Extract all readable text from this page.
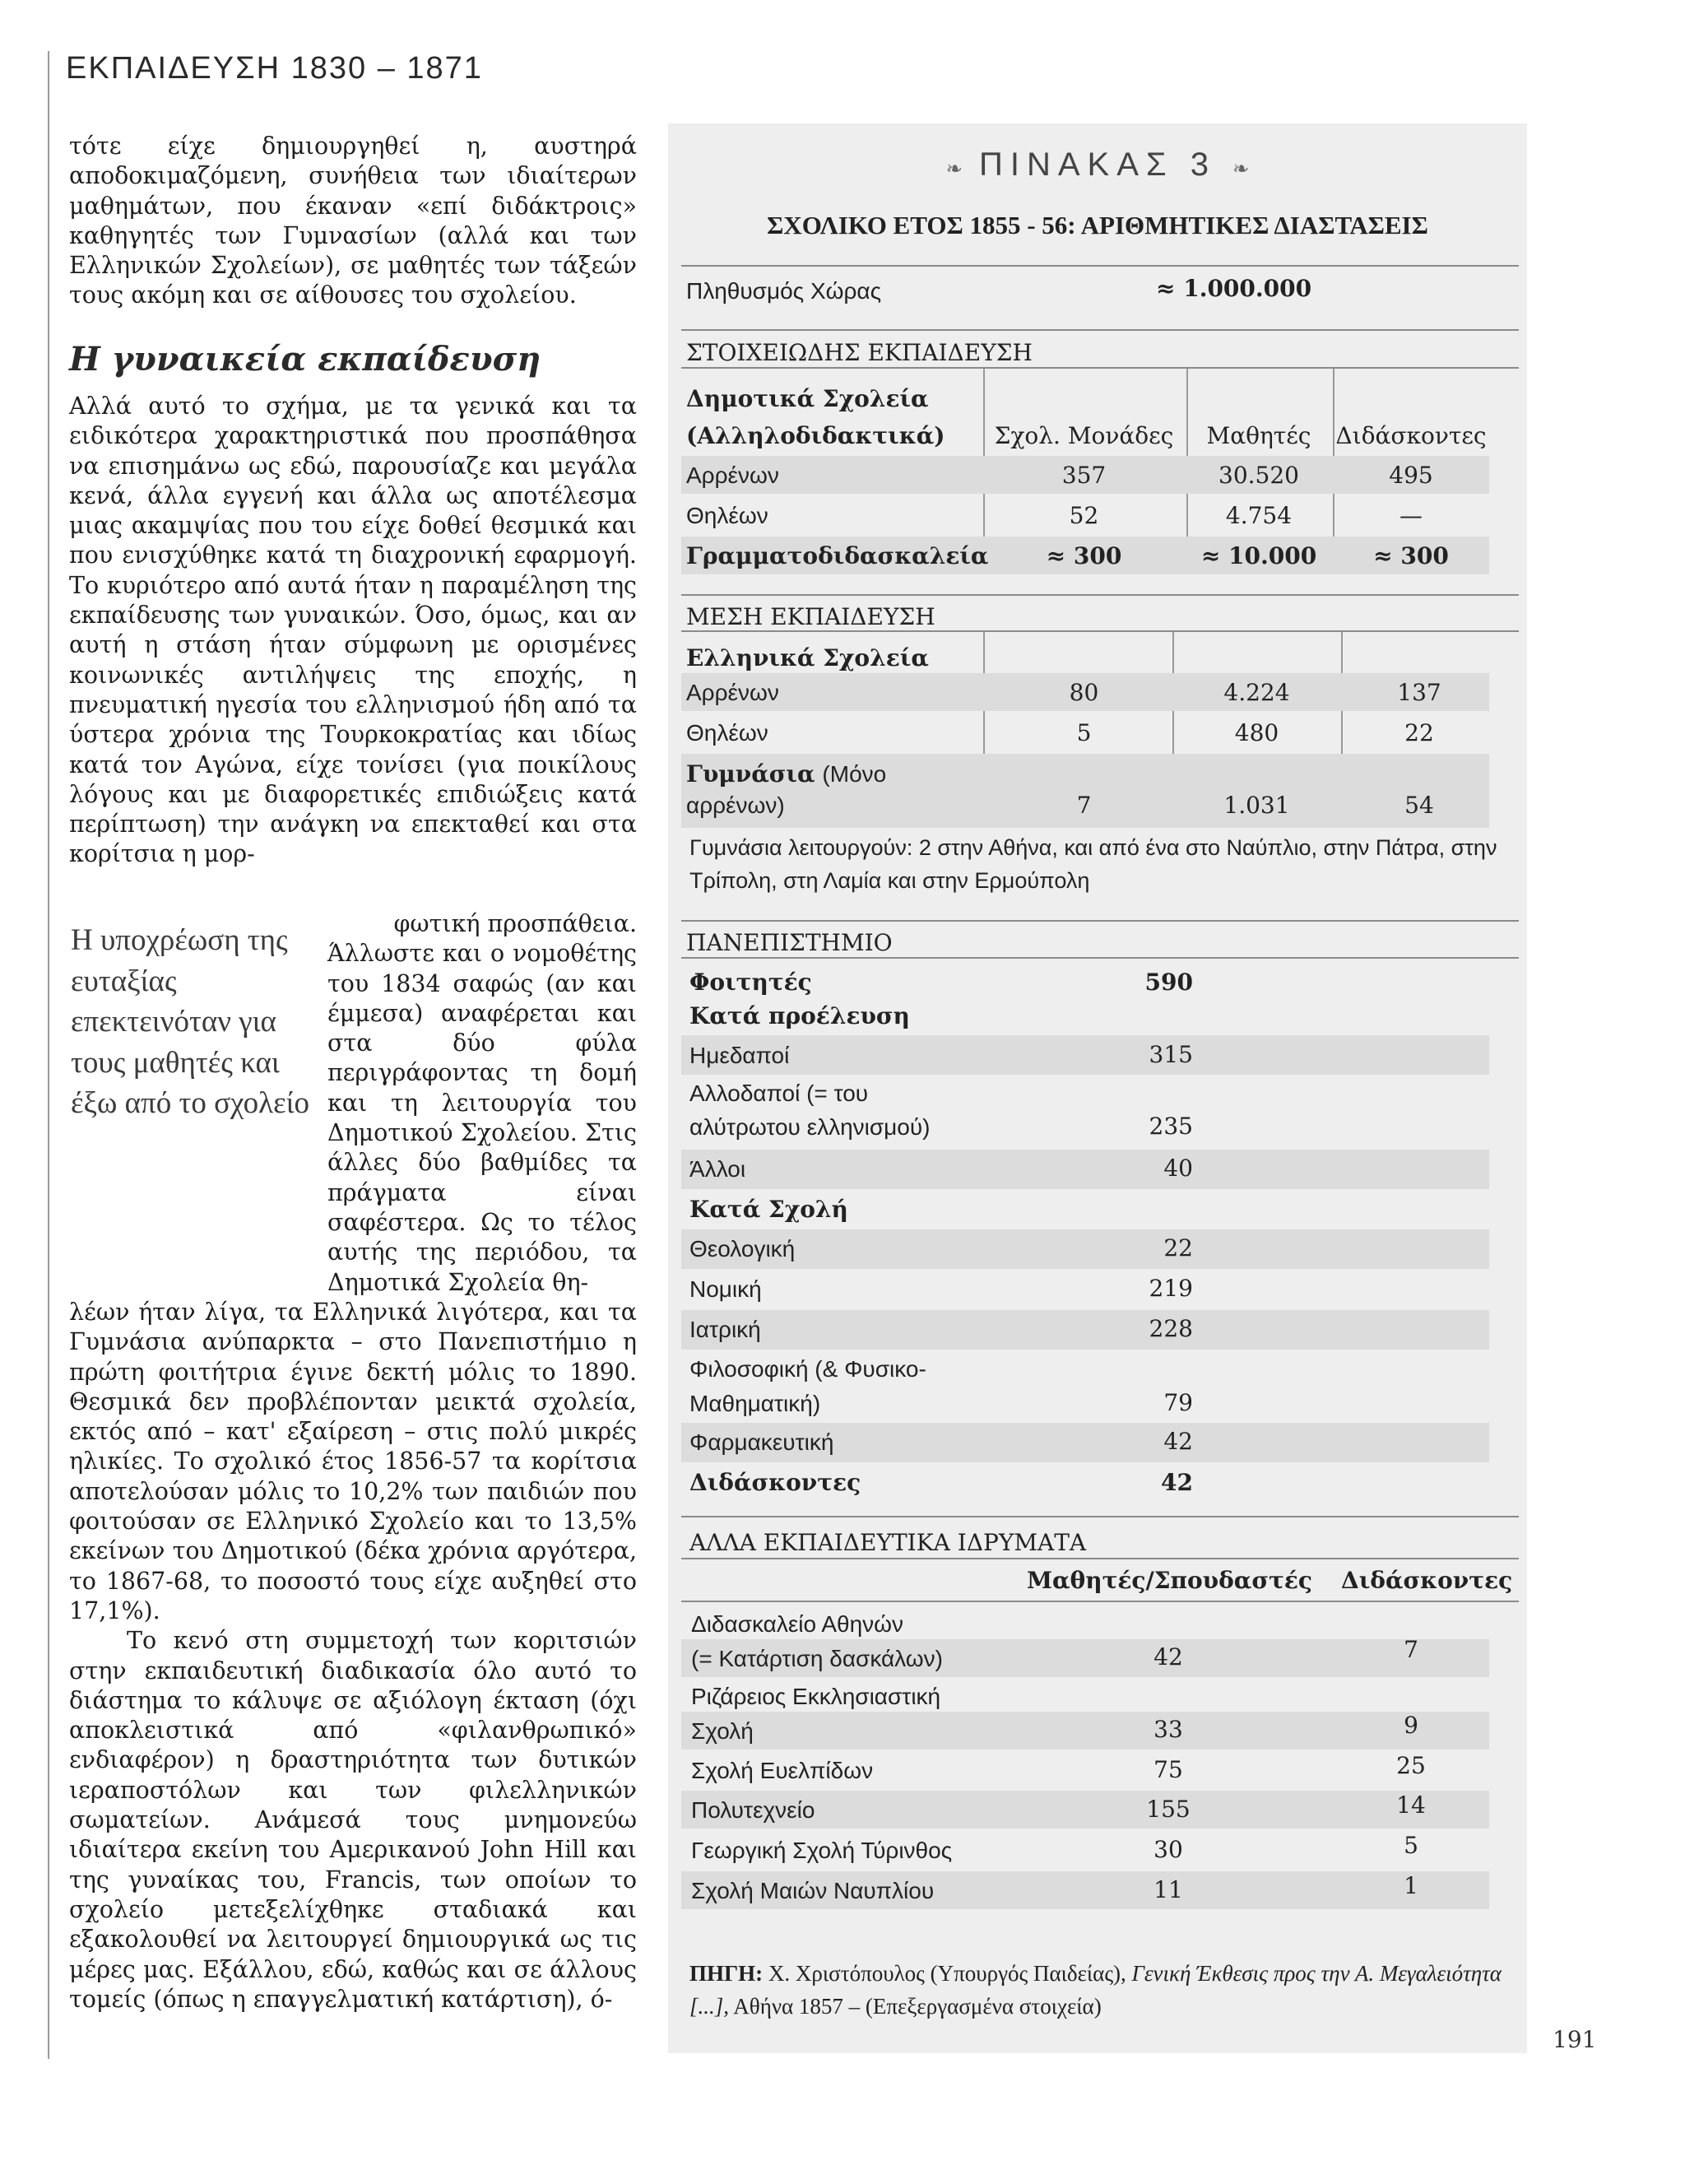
ΕΚΠΑΙΔΕΥΣΗ 1830 – 1871

τότε είχε δημιουργηθεί η, αυστηρά αποδοκιμαζόμενη, συνήθεια των ιδιαίτερων μαθημάτων, που έκαναν «επί διδάκτροις» καθηγητές των Γυμνασίων (αλλά και των Ελληνικών Σχολείων), σε μαθητές των τάξεών τους ακόμη και σε αίθουσες του σχολείου.

Η γυναικεία εκπαίδευση

Αλλά αυτό το σχήμα, με τα γενικά και τα ειδικότερα χαρακτηριστικά που προσπάθησα να επισημάνω ως εδώ, παρουσίαζε και μεγάλα κενά, άλλα εγγενή και άλλα ως αποτέλεσμα μιας ακαμψίας που του είχε δοθεί θεσμικά και που ενισχύθηκε κατά τη διαχρονική εφαρμογή. Το κυριότερο από αυτά ήταν η παραμέληση της εκπαίδευσης των γυναικών. Όσο, όμως, και αν αυτή η στάση ήταν σύμφωνη με ορισμένες κοινωνικές αντιλήψεις της εποχής, η πνευματική ηγεσία του ελληνισμού ήδη από τα ύστερα χρόνια της Τουρκοκρατίας και ιδίως κατά τον Αγώνα, είχε τονίσει (για ποικίλους λόγους και με διαφορετικές επιδιώξεις κατά περίπτωση) την ανάγκη να επεκταθεί και στα κορίτσια η μορ-

Η υποχρέωση της ευταξίας επεκτεινόταν για τους μαθητές και έξω από το σχολείο

φωτική προσπάθεια.

Άλλωστε και ο νομοθέτης του 1834 σαφώς (αν και έμμεσα) αναφέρεται και στα δύο φύλα περιγράφοντας τη δομή και τη λειτουργία του Δημοτικού Σχολείου. Στις άλλες δύο βαθμίδες τα πράγματα είναι σαφέστερα. Ως το τέλος αυτής της περιόδου, τα Δημοτικά Σχολεία θη-

λέων ήταν λίγα, τα Ελληνικά λιγότερα, και τα Γυμνάσια ανύπαρκτα – στο Πανεπιστήμιο η πρώτη φοιτήτρια έγινε δεκτή μόλις το 1890. Θεσμικά δεν προβλέπονταν μεικτά σχολεία, εκτός από – κατ' εξαίρεση – στις πολύ μικρές ηλικίες. Το σχολικό έτος 1856-57 τα κορίτσια αποτελούσαν μόλις το 10,2% των παιδιών που φοιτούσαν σε Ελληνικό Σχολείο και το 13,5% εκείνων του Δημοτικού (δέκα χρόνια αργότερα, το 1867-68, το ποσοστό τους είχε αυξηθεί στο 17,1%).

Το κενό στη συμμετοχή των κοριτσιών στην εκπαιδευτική διαδικασία όλο αυτό το διάστημα το κάλυψε σε αξιόλογη έκταση (όχι αποκλειστικά από «φιλανθρωπικό» ενδιαφέρον) η δραστηριότητα των δυτικών ιεραποστόλων και των φιλελληνικών σωματείων. Ανάμεσά τους μνημονεύω ιδιαίτερα εκείνη του Αμερικανού John Hill και της γυναίκας του, Francis, των οποίων το σχολείο μετεξελίχθηκε σταδιακά και εξακολουθεί να λειτουργεί δημιουργικά ως τις μέρες μας. Εξάλλου, εδώ, καθώς και σε άλλους τομείς (όπως η επαγγελματική κατάρτιση), ό-

❧ ΠΙΝΑΚΑΣ 3 ❧
ΣΧΟΛΙΚΟ ΕΤΟΣ 1855 - 56: ΑΡΙΘΜΗΤΙΚΕΣ ΔΙΑΣΤΑΣΕΙΣ
Πληθυσμός Χώρας	≈ 1.000.000
ΣΤΟΙΧΕΙΩΔΗΣ ΕΚΠΑΙΔΕΥΣΗ
Δημοτικά Σχολεία
(Αλληλοδιδακτικά)	Σχολ. Μονάδες	Μαθητές	Διδάσκοντες
Αρρένων	357	30.520	495
Θηλέων	52	4.754	—
Γραμματοδιδασκαλεία	≈ 300	≈ 10.000	≈ 300
ΜΕΣΗ ΕΚΠΑΙΔΕΥΣΗ
Ελληνικά Σχολεία
Αρρένων	80	4.224	137
Θηλέων	5	480	22
Γυμνάσια (Μόνο
αρρένων)	7	1.031	54
Γυμνάσια λειτουργούν: 2 στην Αθήνα, και από ένα στο Ναύπλιο, στην Πάτρα, στην Τρίπολη, στη Λαμία και στην Ερμούπολη
ΠΑΝΕΠΙΣΤΗΜΙΟ
Φοιτητές	590
Κατά προέλευση
Ημεδαποί	315
Αλλοδαποί (= του
αλύτρωτου ελληνισμού)	235
Άλλοι	40
Κατά Σχολή
Θεολογική	22
Νομική	219
Ιατρική	228
Φιλοσοφική (& Φυσικο-
Μαθηματική)	79
Φαρμακευτική	42
Διδάσκοντες	42
ΑΛΛΑ ΕΚΠΑΙΔΕΥΤΙΚΑ ΙΔΡΥΜΑΤΑ
Μαθητές/Σπουδαστές Διδάσκοντες
Διδασκαλείο Αθηνών
(= Κατάρτιση δασκάλων)	42	7
Ριζάρειος Εκκλησιαστική
Σχολή	33	9
Σχολή Ευελπίδων	75	25
Πολυτεχνείο	155	14
Γεωργική Σχολή Τύρινθος	30	5
Σχολή Μαιών Ναυπλίου	11	1
ΠΗΓΗ: Χ. Χριστόπουλος (Υπουργός Παιδείας), Γενική Έκθεσις προς την Α. Μεγαλειότητα [...], Αθήνα 1857 – (Επεξεργασμένα στοιχεία)
191
